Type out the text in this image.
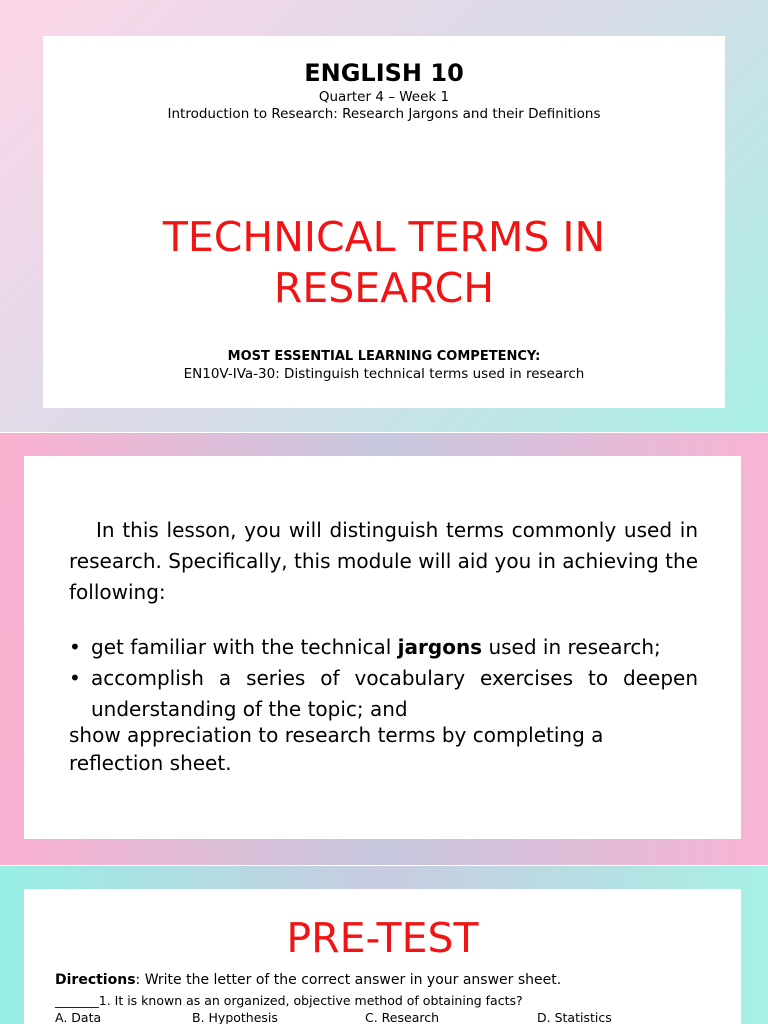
ENGLISH 10
Quarter 4 – Week 1
Introduction to Research: Research Jargons and their Definitions
TECHNICAL TERMS IN
RESEARCH
MOST ESSENTIAL LEARNING COMPETENCY:
EN10V-IVa-30: Distinguish technical terms used in research

In this lesson, you will distinguish terms commonly used in research. Specifically, this module will aid you in achieving the following:

• get familiar with the technical jargons used in research;
• accomplish a series of vocabulary exercises to deepen understanding of the topic; and

show appreciation to research terms by completing a reflection sheet.

PRE-TEST
Directions: Write the letter of the correct answer in your answer sheet.
_______1. It is known as an organized, objective method of obtaining facts?
A. Data	B. Hypothesis	C. Research	D. Statistics
